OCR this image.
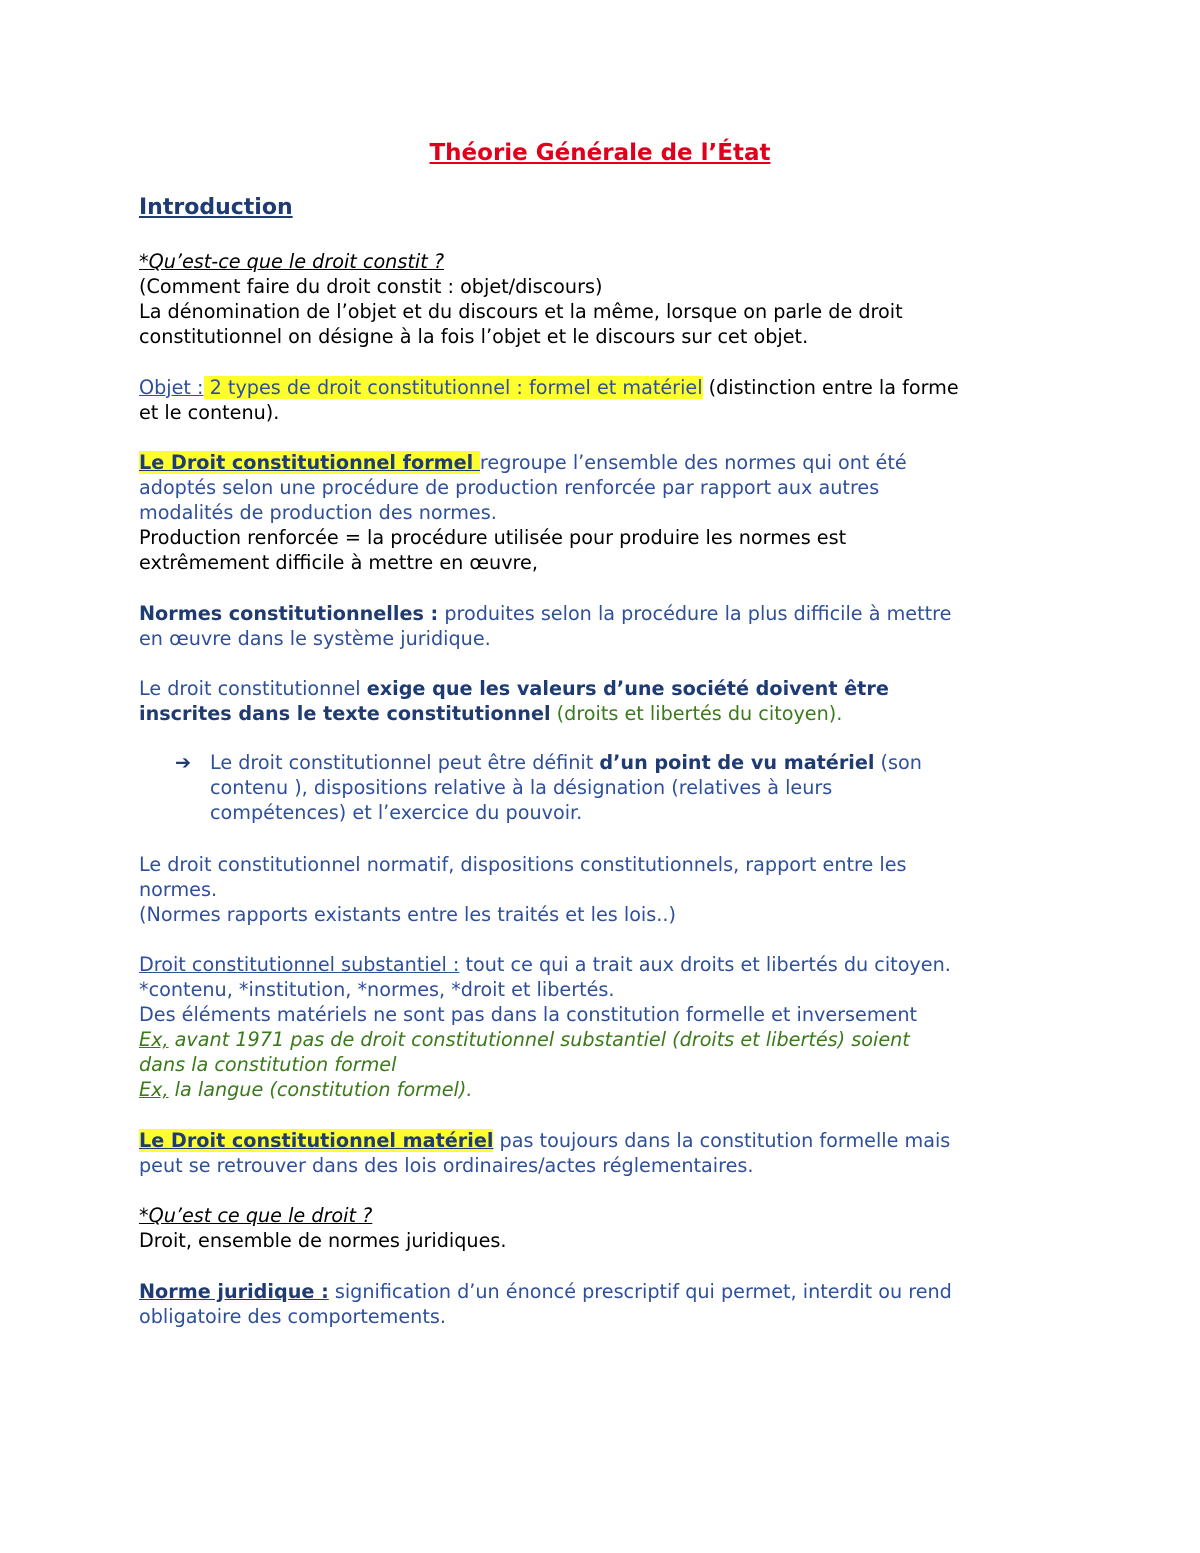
Théorie Générale de l’État
Introduction
*Qu’est-ce que le droit constit ?
(Comment faire du droit constit : objet/discours)
La dénomination de l’objet et du discours et la même, lorsque on parle de droit
constitutionnel on désigne à la fois l’objet et le discours sur cet objet.
Objet : 2 types de droit constitutionnel : formel et matériel (distinction entre la forme
et le contenu).
Le Droit constitutionnel formel regroupe l’ensemble des normes qui ont été
adoptés selon une procédure de production renforcée par rapport aux autres
modalités de production des normes.
Production renforcée = la procédure utilisée pour produire les normes est
extrêmement difficile à mettre en œuvre,
Normes constitutionnelles : produites selon la procédure la plus difficile à mettre
en œuvre dans le système juridique.
Le droit constitutionnel exige que les valeurs d’une société doivent être
inscrites dans le texte constitutionnel (droits et libertés du citoyen).
➔ Le droit constitutionnel peut être définit d’un point de vu matériel (son
contenu ), dispositions relative à la désignation (relatives à leurs
compétences) et l’exercice du pouvoir.
Le droit constitutionnel normatif, dispositions constitutionnels, rapport entre les
normes.
(Normes rapports existants entre les traités et les lois..)
Droit constitutionnel substantiel : tout ce qui a trait aux droits et libertés du citoyen.
*contenu, *institution, *normes, *droit et libertés.
Des éléments matériels ne sont pas dans la constitution formelle et inversement
Ex, avant 1971 pas de droit constitutionnel substantiel (droits et libertés) soient
dans la constitution formel
Ex, la langue (constitution formel).
Le Droit constitutionnel matériel pas toujours dans la constitution formelle mais
peut se retrouver dans des lois ordinaires/actes réglementaires.
*Qu’est ce que le droit ?
Droit, ensemble de normes juridiques.
Norme juridique : signification d’un énoncé prescriptif qui permet, interdit ou rend
obligatoire des comportements.
